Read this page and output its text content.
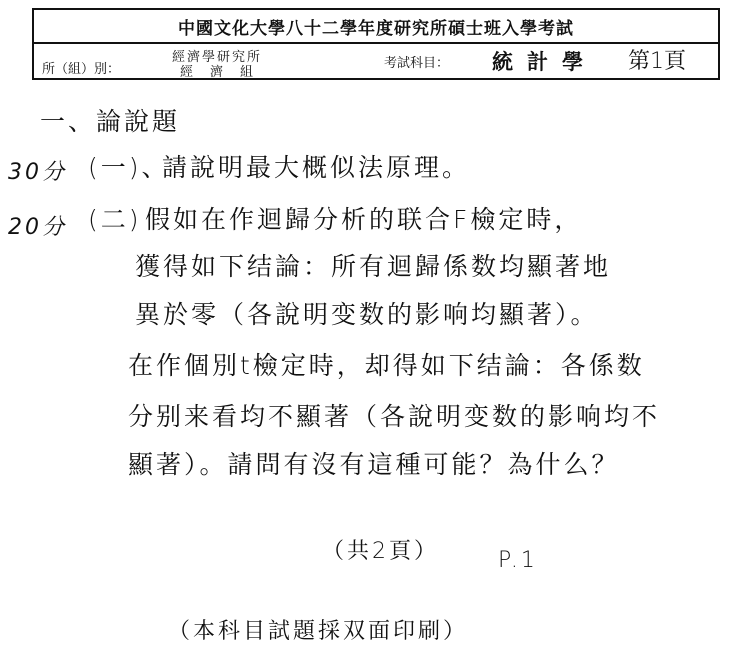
中國文化大學八十二學年度研究所碩士班入學考試
所（組）別：
經濟學研究所
經　濟　組
考試科目： 統計學 第1頁
一、論說題
30分 (一)、
請說明最大概似法原理。
20分 (二) 假如在作迴歸分析的联合F檢定時，
獲得如下结論：所有迴歸係数均顯著地
異於零（各說明变数的影响均顯著）。
在作個別t檢定時，却得如下结論：各係数
分别来看均不顯著（各說明变数的影响均不
顯著）。請問有沒有這種可能？為什么？
（共2頁）	P.1
（本科目試題採双面印刷）
